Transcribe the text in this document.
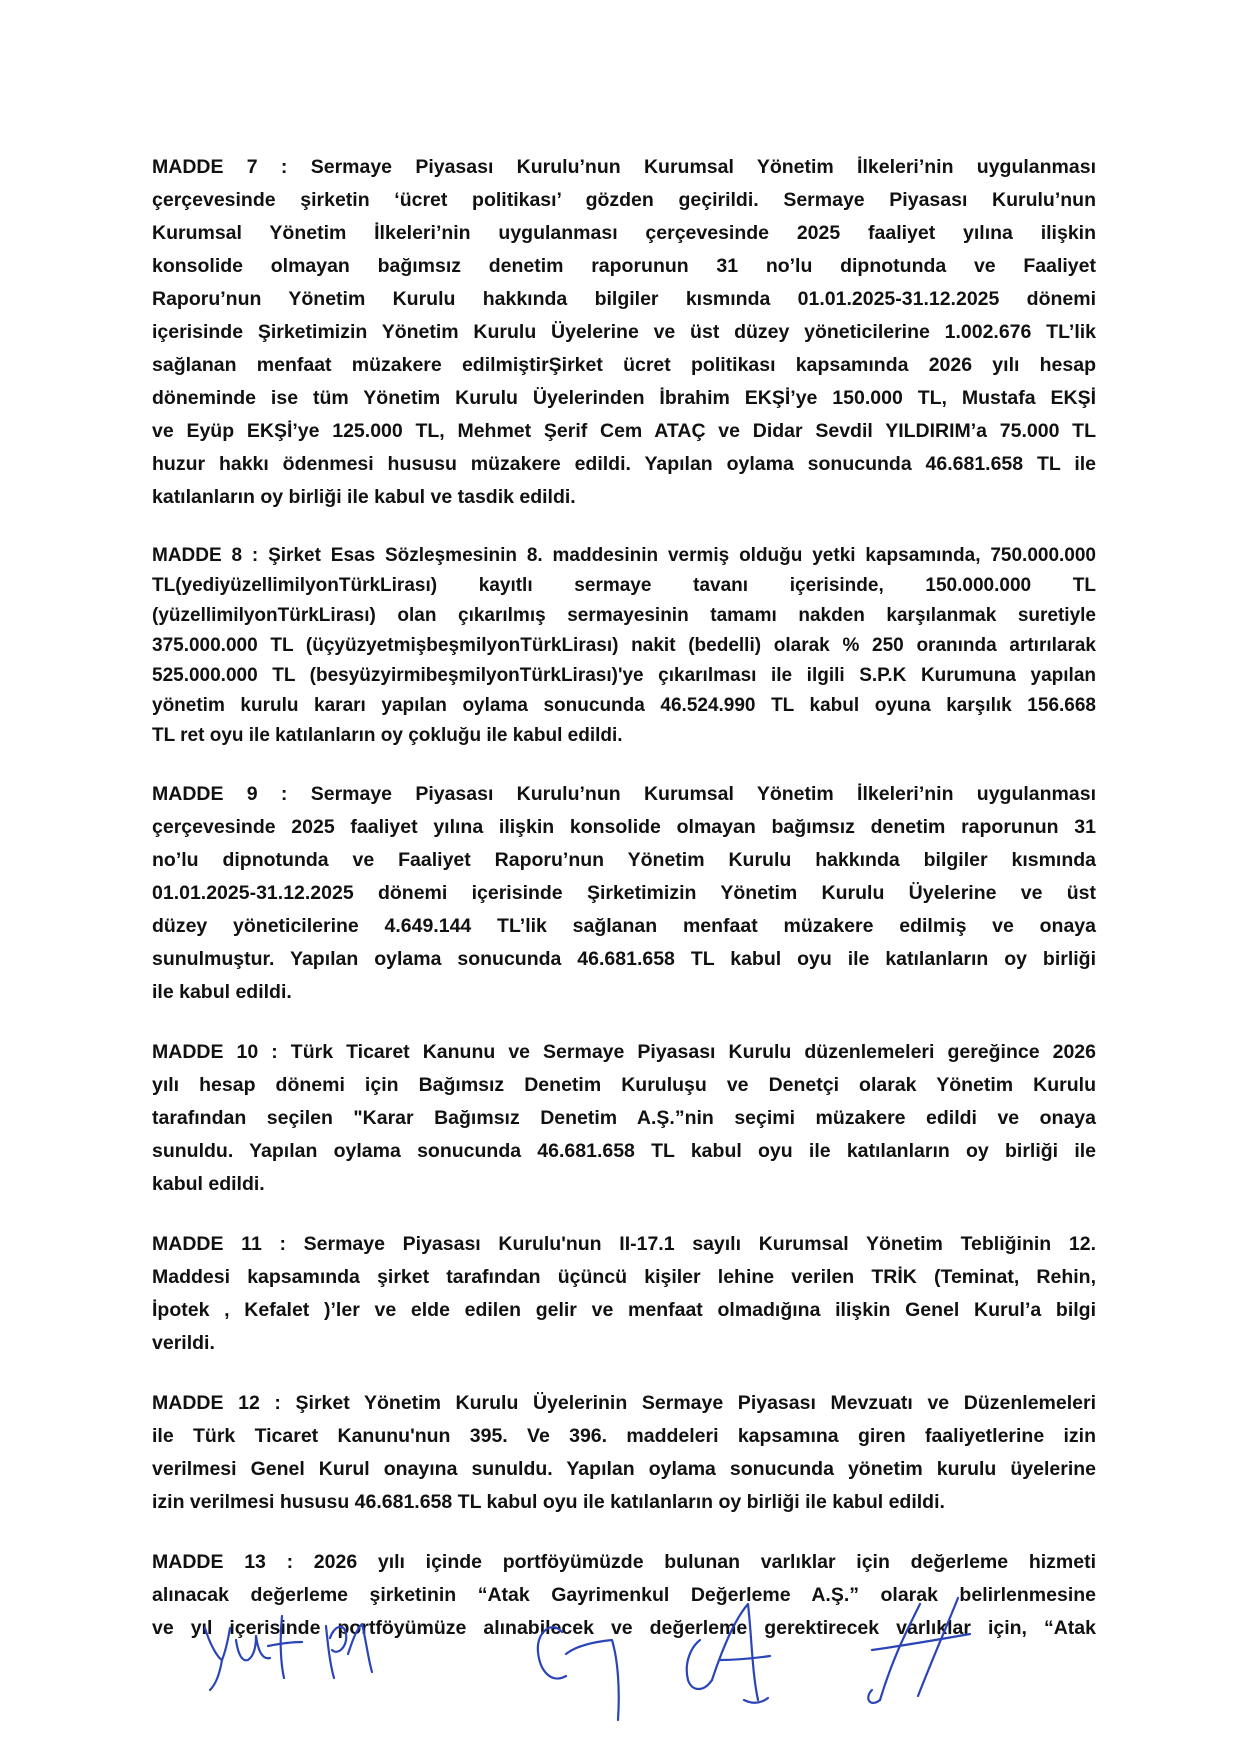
MADDE 7 : Sermaye Piyasası Kurulu’nun Kurumsal Yönetim İlkeleri’nin uygulanması
çerçevesinde şirketin ‘ücret politikası’ gözden geçirildi. Sermaye Piyasası Kurulu’nun
Kurumsal Yönetim İlkeleri’nin uygulanması çerçevesinde 2025 faaliyet yılına ilişkin
konsolide olmayan bağımsız denetim raporunun 31 no’lu dipnotunda ve Faaliyet
Raporu’nun Yönetim Kurulu hakkında bilgiler kısmında 01.01.2025-31.12.2025 dönemi
içerisinde Şirketimizin Yönetim Kurulu Üyelerine ve üst düzey yöneticilerine 1.002.676 TL’lik
sağlanan menfaat müzakere edilmiştirŞirket ücret politikası kapsamında 2026 yılı hesap
döneminde ise tüm Yönetim Kurulu Üyelerinden İbrahim EKŞİ’ye 150.000 TL, Mustafa EKŞİ
ve Eyüp EKŞİ’ye 125.000 TL, Mehmet Şerif Cem ATAÇ ve Didar Sevdil YILDIRIM’a 75.000 TL
huzur hakkı ödenmesi hususu müzakere edildi. Yapılan oylama sonucunda 46.681.658 TL ile
katılanların oy birliği ile kabul ve tasdik edildi.
MADDE 8 : Şirket Esas Sözleşmesinin 8. maddesinin vermiş olduğu yetki kapsamında, 750.000.000
TL(yediyüzellimilyonTürkLirası) kayıtlı sermaye tavanı içerisinde, 150.000.000 TL
(yüzellimilyonTürkLirası) olan çıkarılmış sermayesinin tamamı nakden karşılanmak suretiyle
375.000.000 TL (üçyüzyetmişbeşmilyonTürkLirası) nakit (bedelli) olarak % 250 oranında artırılarak
525.000.000 TL (besyüzyirmibeşmilyonTürkLirası)'ye çıkarılması ile ilgili S.P.K Kurumuna yapılan
yönetim kurulu kararı yapılan oylama sonucunda 46.524.990 TL kabul oyuna karşılık 156.668
TL ret oyu ile katılanların oy çokluğu ile kabul edildi.
MADDE 9 : Sermaye Piyasası Kurulu’nun Kurumsal Yönetim İlkeleri’nin uygulanması
çerçevesinde 2025 faaliyet yılına ilişkin konsolide olmayan bağımsız denetim raporunun 31
no’lu dipnotunda ve Faaliyet Raporu’nun Yönetim Kurulu hakkında bilgiler kısmında
01.01.2025-31.12.2025 dönemi içerisinde Şirketimizin Yönetim Kurulu Üyelerine ve üst
düzey yöneticilerine 4.649.144 TL’lik sağlanan menfaat müzakere edilmiş ve onaya
sunulmuştur. Yapılan oylama sonucunda 46.681.658 TL kabul oyu ile katılanların oy birliği
ile kabul edildi.
MADDE 10 : Türk Ticaret Kanunu ve Sermaye Piyasası Kurulu düzenlemeleri gereğince 2026
yılı hesap dönemi için Bağımsız Denetim Kuruluşu ve Denetçi olarak Yönetim Kurulu
tarafından seçilen "Karar Bağımsız Denetim A.Ş.”nin seçimi müzakere edildi ve onaya
sunuldu. Yapılan oylama sonucunda 46.681.658 TL kabul oyu ile katılanların oy birliği ile
kabul edildi.
MADDE 11 : Sermaye Piyasası Kurulu'nun II-17.1 sayılı Kurumsal Yönetim Tebliğinin 12.
Maddesi kapsamında şirket tarafından üçüncü kişiler lehine verilen TRİK (Teminat, Rehin,
İpotek , Kefalet )’ler ve elde edilen gelir ve menfaat olmadığına ilişkin Genel Kurul’a bilgi
verildi.
MADDE 12 : Şirket Yönetim Kurulu Üyelerinin Sermaye Piyasası Mevzuatı ve Düzenlemeleri
ile Türk Ticaret Kanunu'nun 395. Ve 396. maddeleri kapsamına giren faaliyetlerine izin
verilmesi Genel Kurul onayına sunuldu. Yapılan oylama sonucunda yönetim kurulu üyelerine
izin verilmesi hususu 46.681.658 TL kabul oyu ile katılanların oy birliği ile kabul edildi.
MADDE 13 : 2026 yılı içinde portföyümüzde bulunan varlıklar için değerleme hizmeti
alınacak değerleme şirketinin “Atak Gayrimenkul Değerleme A.Ş.” olarak belirlenmesine
ve yıl içerisinde portföyümüze alınabilecek ve değerleme gerektirecek varlıklar için, “Atak
